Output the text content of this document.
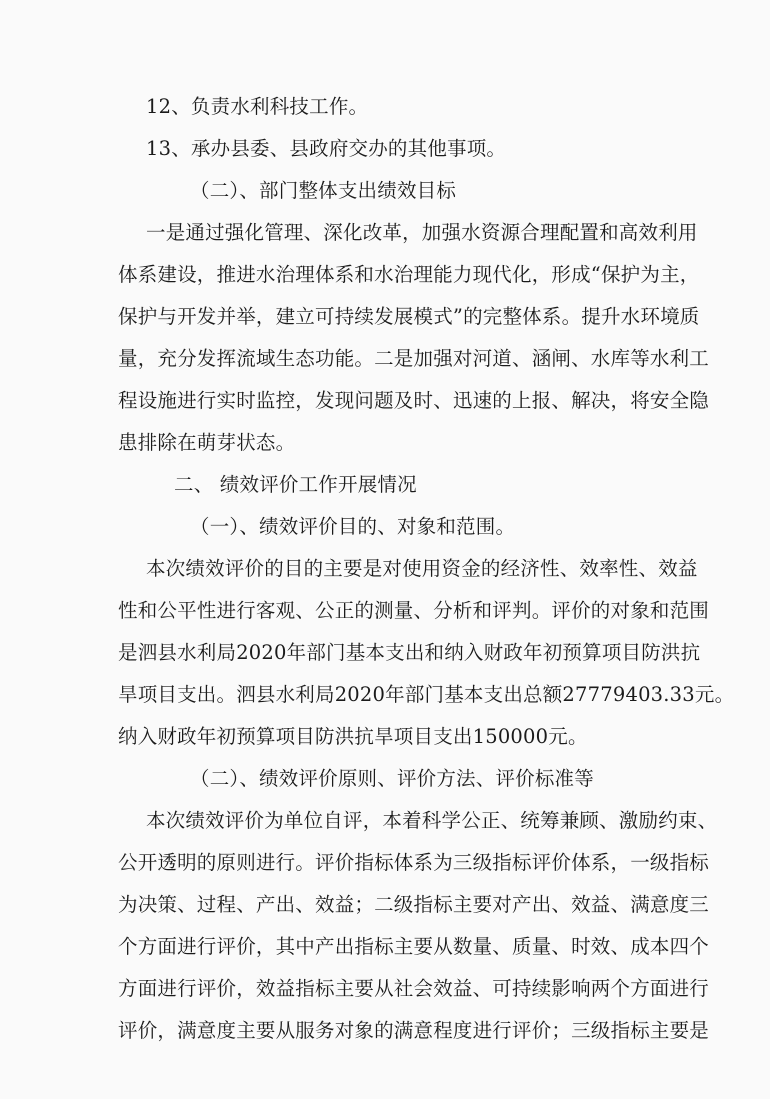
12、负责水利科技工作。
13、承办县委、县政府交办的其他事项。
（二）、部门整体支出绩效目标
一是通过强化管理、深化改革，加强水资源合理配置和高效利用
体系建设，推进水治理体系和水治理能力现代化，形成“保护为主，
保护与开发并举，建立可持续发展模式”的完整体系。提升水环境质
量，充分发挥流域生态功能。二是加强对河道、涵闸、水库等水利工
程设施进行实时监控，发现问题及时、迅速的上报、解决，将安全隐
患排除在萌芽状态。
二、 绩效评价工作开展情况
（一）、绩效评价目的、对象和范围。
本次绩效评价的目的主要是对使用资金的经济性、效率性、效益
性和公平性进行客观、公正的测量、分析和评判。评价的对象和范围
是泗县水利局2020年部门基本支出和纳入财政年初预算项目防洪抗
旱项目支出。泗县水利局2020年部门基本支出总额27779403.33元。
纳入财政年初预算项目防洪抗旱项目支出150000元。
（二）、绩效评价原则、评价方法、评价标准等
本次绩效评价为单位自评，本着科学公正、统筹兼顾、激励约束、
公开透明的原则进行。评价指标体系为三级指标评价体系，一级指标
为决策、过程、产出、效益；二级指标主要对产出、效益、满意度三
个方面进行评价，其中产出指标主要从数量、质量、时效、成本四个
方面进行评价，效益指标主要从社会效益、可持续影响两个方面进行
评价，满意度主要从服务对象的满意程度进行评价；三级指标主要是
